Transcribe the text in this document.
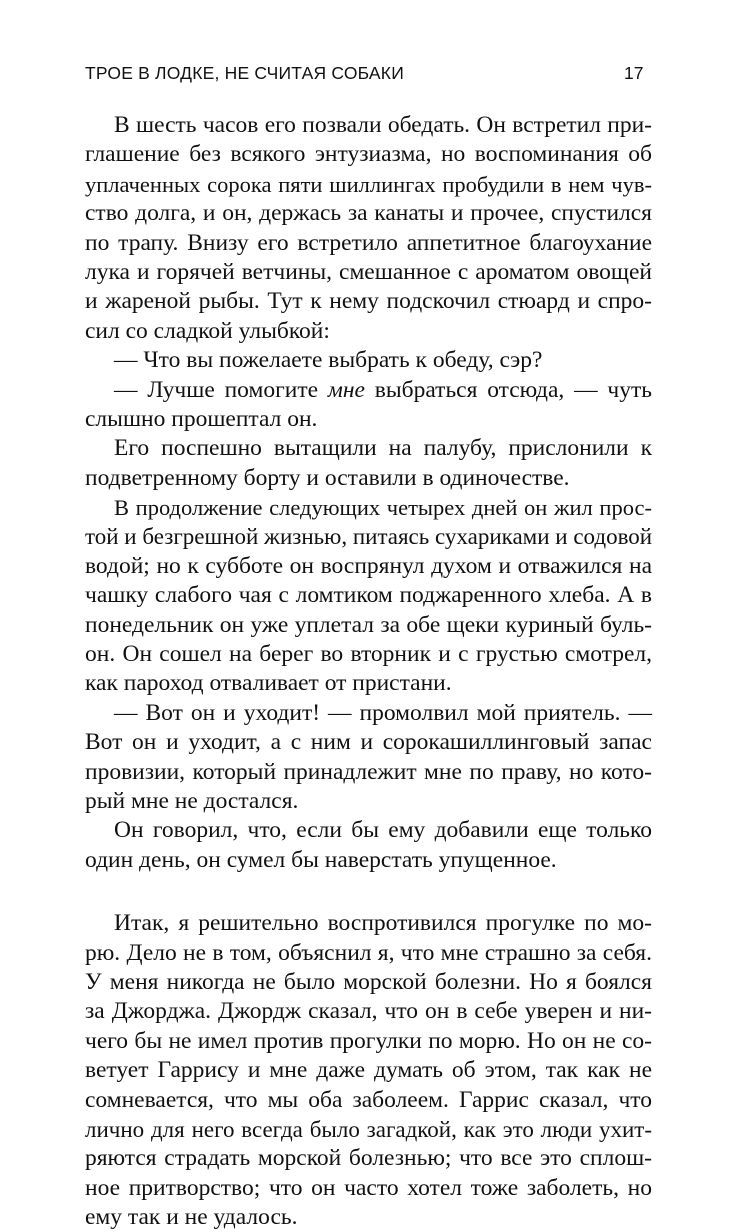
ТРОЕ В ЛОДКЕ, НЕ СЧИТАЯ СОБАКИ	17
В шесть часов его позвали обедать. Он встретил при-
глашение без всякого энтузиазма, но воспоминания об
уплаченных сорока пяти шиллингах пробудили в нем чув-
ство долга, и он, держась за канаты и прочее, спустился
по трапу. Внизу его встретило аппетитное благоухание
лука и горячей ветчины, смешанное с ароматом овощей
и жареной рыбы. Тут к нему подскочил стюард и спро-
сил со сладкой улыбкой:
— Что вы пожелаете выбрать к обеду, сэр?
— Лучше помогите мне выбраться отсюда, — чуть
слышно прошептал он.
Его поспешно вытащили на палубу, прислонили к
подветренному борту и оставили в одиночестве.
В продолжение следующих четырех дней он жил прос-
той и безгрешной жизнью, питаясь сухариками и содовой
водой; но к субботе он воспрянул духом и отважился на
чашку слабого чая с ломтиком поджаренного хлеба. А в
понедельник он уже уплетал за обе щеки куриный буль-
он. Он сошел на берег во вторник и с грустью смотрел,
как пароход отваливает от пристани.
— Вот он и уходит! — промолвил мой приятель. —
Вот он и уходит, а с ним и сорокашиллинговый запас
провизии, который принадлежит мне по праву, но кото-
рый мне не достался.
Он говорил, что, если бы ему добавили еще только
один день, он сумел бы наверстать упущенное.
Итак, я решительно воспротивился прогулке по мо-
рю. Дело не в том, объяснил я, что мне страшно за себя.
У меня никогда не было морской болезни. Но я боялся
за Джорджа. Джордж сказал, что он в себе уверен и ни-
чего бы не имел против прогулки по морю. Но он не со-
ветует Гаррису и мне даже думать об этом, так как не
сомневается, что мы оба заболеем. Гаррис сказал, что
лично для него всегда было загадкой, как это люди ухит-
ряются страдать морской болезнью; что все это сплош-
ное притворство; что он часто хотел тоже заболеть, но
ему так и не удалось.
